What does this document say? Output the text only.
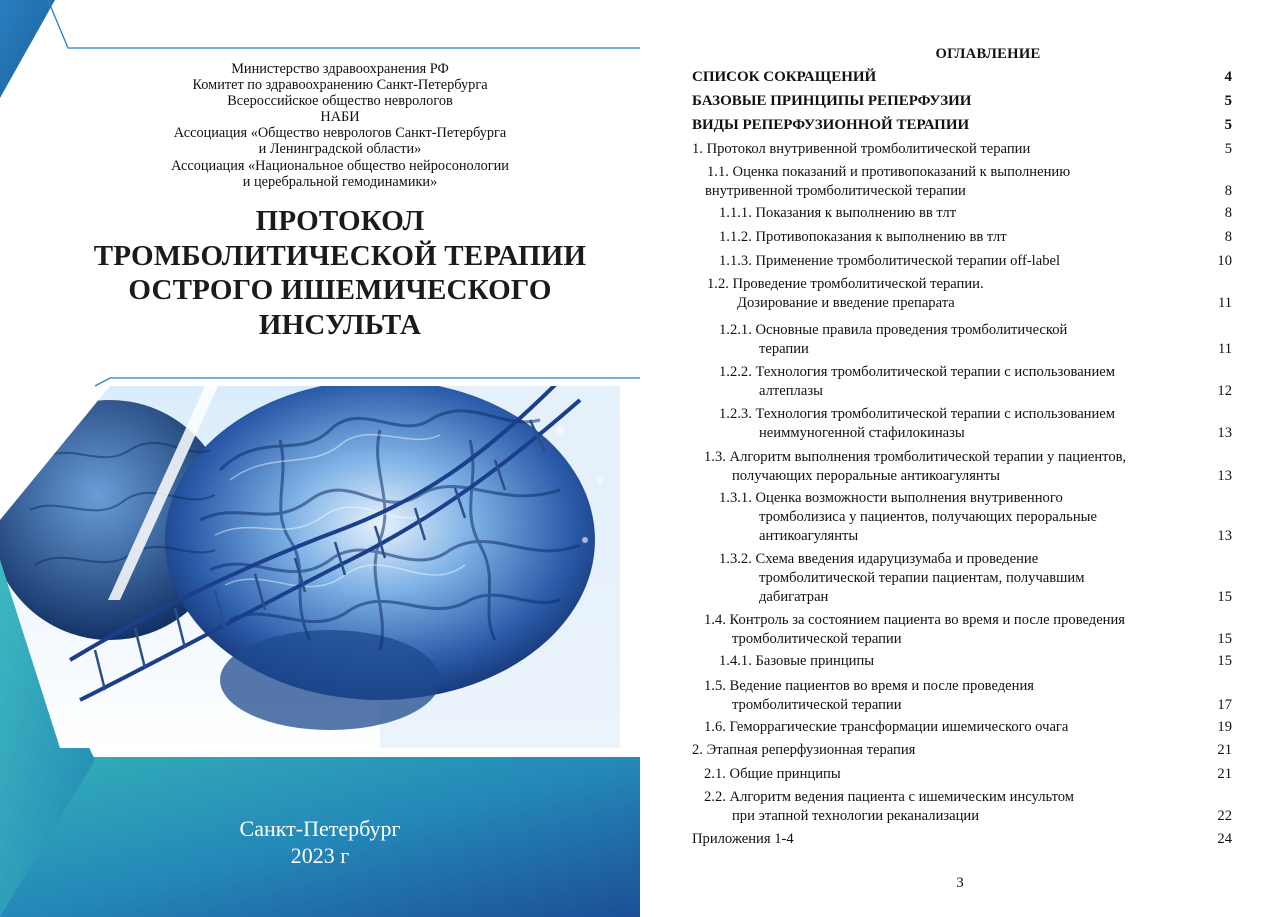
Министерство здравоохранения РФ
Комитет по здравоохранению Санкт-Петербурга
Всероссийское общество неврологов
НАБИ
Ассоциация «Общество неврологов Санкт-Петербурга
и Ленинградской области»
Ассоциация «Национальное общество нейросонологии
и церебральной гемодинамики»
ПРОТОКОЛ
ТРОМБОЛИТИЧЕСКОЙ ТЕРАПИИ
ОСТРОГО ИШЕМИЧЕСКОГО
ИНСУЛЬТА
Санкт-Петербург
2023 г
ОГЛАВЛЕНИЕ
СПИСОК СОКРАЩЕНИЙ	4
БАЗОВЫЕ ПРИНЦИПЫ РЕПЕРФУЗИИ	5
ВИДЫ РЕПЕРФУЗИОННОЙ ТЕРАПИИ	5
1. Протокол внутривенной тромболитической терапии	5
1.1. Оценка показаний и противопоказаний к выполнению
внутривенной тромболитической терапии	8
1.1.1. Показания к выполнению вв тлт	8
1.1.2. Противопоказания к выполнению вв тлт	8
1.1.3. Применение тромболитической терапии off-label	10
1.2. Проведение тромболитической терапии.
Дозирование и введение препарата	11
1.2.1. Основные правила проведения тромболитической
терапии	11
1.2.2. Технология тромболитической терапии с использованием
алтеплазы	12
1.2.3. Технология тромболитической терапии с использованием
неиммуногенной стафилокиназы	13
1.3. Алгоритм выполнения тромболитической терапии у пациентов,
получающих пероральные антикоагулянты	13
1.3.1. Оценка возможности выполнения внутривенного
тромболизиса у пациентов, получающих пероральные
антикоагулянты	13
1.3.2. Схема введения идаруцизумаба и проведение
тромболитической терапии пациентам, получавшим
дабигатран	15
1.4. Контроль за состоянием пациента во время и после проведения
тромболитической терапии	15
1.4.1. Базовые принципы	15
1.5. Ведение пациентов во время и после проведения
тромболитической терапии	17
1.6. Геморрагические трансформации ишемического очага	19
2. Этапная реперфузионная терапия	21
2.1. Общие принципы	21
2.2. Алгоритм ведения пациента с ишемическим инсультом
при этапной технологии реканализации	22
Приложения 1-4	24
3
